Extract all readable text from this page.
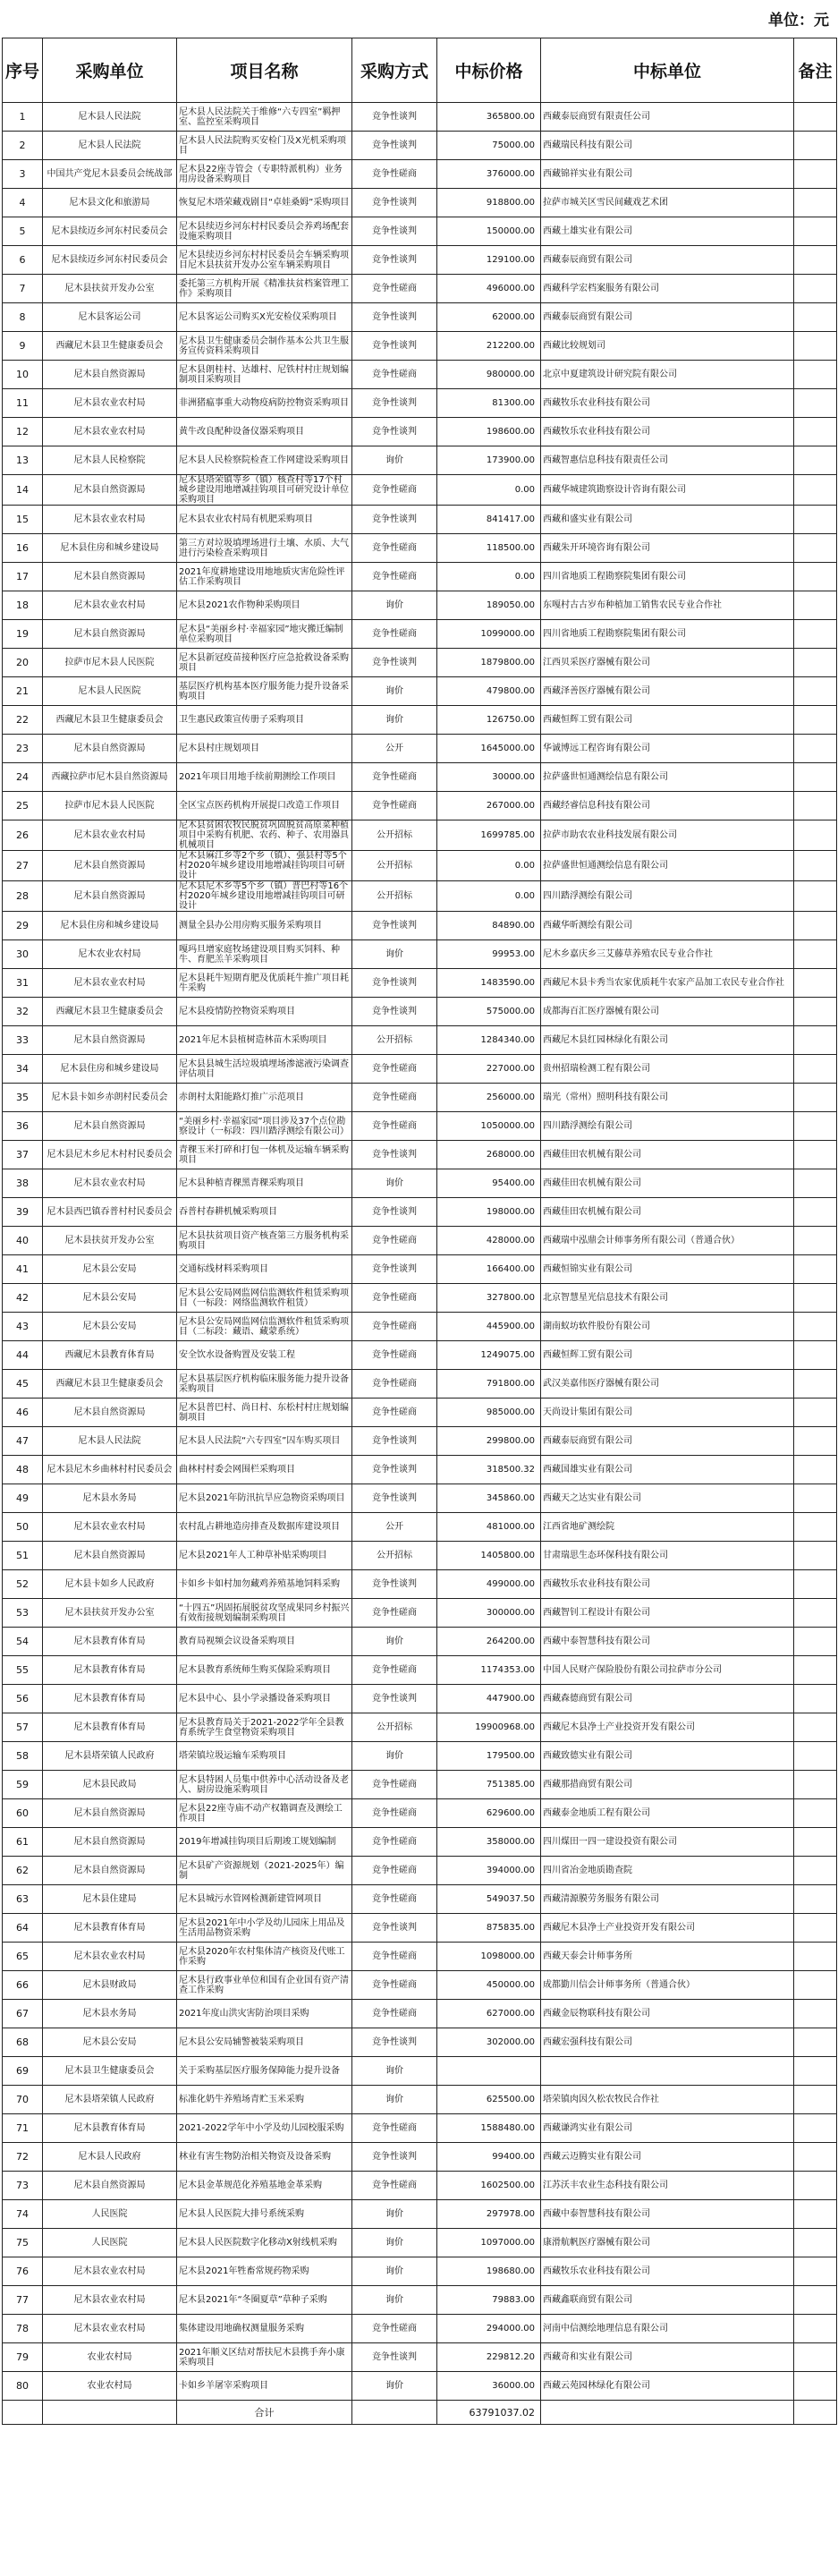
单位：元
序号	采购单位	项目名称	采购方式	中标价格	中标单位	备注
1	尼木县人民法院	尼木县人民法院关于维修“六专四室”羁押室、监控室采购项目	竞争性谈判	365800.00	西藏泰辰商贸有限责任公司	
2	尼木县人民法院	尼木县人民法院购买安检门及X光机采购项目	竞争性谈判	75000.00	西藏瑞民科技有限公司	
3	中国共产党尼木县委员会统战部	尼木县22座寺管会（专职特派机构）业务用房设备采购项目	竞争性磋商	376000.00	西藏锦祥实业有限公司	
4	尼木县文化和旅游局	恢复尼木塔荣藏戏剧目“卓娃桑姆”采购项目	竞争性谈判	918800.00	拉萨市城关区雪民间藏戏艺术团	
5	尼木县续迈乡河东村民委员会	尼木县续迈乡河东村村民委员会养鸡场配套设施采购项目	竞争性谈判	150000.00	西藏土雄实业有限公司	
6	尼木县续迈乡河东村民委员会	尼木县续迈乡河东村村民委员会车辆采购项目尼木县扶贫开发办公室车辆采购项目	竞争性谈判	129100.00	西藏泰辰商贸有限公司	
7	尼木县扶贫开发办公室	委托第三方机构开展《精准扶贫档案管理工作》采购项目	竞争性磋商	496000.00	西藏科学宏档案服务有限公司	
8	尼木县客运公司	尼木县客运公司购买X光安检仪采购项目	竞争性谈判	62000.00	西藏泰辰商贸有限公司	
9	西藏尼木县卫生健康委员会	尼木县卫生健康委员会制作基本公共卫生服务宣传资料采购项目	竞争性谈判	212200.00	西藏比较规划司	
10	尼木县自然资源局	尼木县朗桂村、达雄村、尼铁村村庄规划编制项目采购项目	竞争性磋商	980000.00	北京中夏建筑设计研究院有限公司	
11	尼木县农业农村局	非洲猪瘟事重大动物疫病防控物资采购项目	竞争性谈判	81300.00	西藏牧乐农业科技有限公司	
12	尼木县农业农村局	黄牛改良配种设备仪器采购项目	竞争性谈判	198600.00	西藏牧乐农业科技有限公司	
13	尼木县人民检察院	尼木县人民检察院检查工作网建设采购项目	询价	173900.00	西藏智惠信息科技有限责任公司	
14	尼木县自然资源局	尼木县塔荣镇等乡（镇）核查村等17个村城乡建设用地增减挂钩项目可研究设计单位采购项目	竞争性磋商	0.00	西藏华城建筑勘察设计咨询有限公司	
15	尼木县农业农村局	尼木县农业农村局有机肥采购项目	竞争性谈判	841417.00	西藏和盛实业有限公司	
16	尼木县住房和城乡建设局	第三方对垃圾填埋场进行土壤、水质、大气进行污染检查采购项目	竞争性磋商	118500.00	西藏朱开环境咨询有限公司	
17	尼木县自然资源局	2021年度耕地建设用地地质灾害危险性评估工作采购项目	竞争性磋商	0.00	四川省地质工程勘察院集团有限公司	
18	尼木县农业农村局	尼木县2021农作物种采购项目	询价	189050.00	东嘎村古古岁布种植加工销售农民专业合作社	
19	尼木县自然资源局	尼木县“美丽乡村·幸福家园”地灾搬迁编制单位采购项目	竞争性磋商	1099000.00	四川省地质工程勘察院集团有限公司	
20	拉萨市尼木县人民医院	尼木县新冠疫苗接种医疗应急抢救设备采购项目	竞争性谈判	1879800.00	江西贝采医疗器械有限公司	
21	尼木县人民医院	基层医疗机构基本医疗服务能力提升设备采购项目	询价	479800.00	西藏泽善医疗器械有限公司	
22	西藏尼木县卫生健康委员会	卫生惠民政策宣传册子采购项目	询价	126750.00	西藏恒辉工贸有限公司	
23	尼木县自然资源局	尼木县村庄规划项目	公开	1645000.00	华诚博远工程咨询有限公司	
24	西藏拉萨市尼木县自然资源局	2021年项目用地手续前期测绘工作项目	竞争性磋商	30000.00	拉萨盛世恒通测绘信息有限公司	
25	拉萨市尼木县人民医院	全区宝点医药机构开展提口改造工作项目	竞争性磋商	267000.00	西藏经睿信息科技有限公司	
26	尼木县农业农村局	尼木县贫困农牧民脱贫巩固脱贫高原菜种植项目中采购有机肥、农药、种子、农用器具机械项目	公开招标	1699785.00	拉萨市助农农业科技发展有限公司	
27	尼木县自然资源局	尼木县麻江乡等2个乡（镇）、强县村等5个村2020年城乡建设用地增减挂钩项目可研设计	公开招标	0.00	拉萨盛世恒通测绘信息有限公司	
28	尼木县自然资源局	尼木县尼木乡等5个乡（镇）普巴村等16个村2020年城乡建设用地增减挂钩项目可研设计	公开招标	0.00	四川踏浮测绘有限公司	
29	尼木县住房和城乡建设局	测量全县办公用房购买服务采购项目	竞争性谈判	84890.00	西藏华昕测绘有限公司	
30	尼木农业农村局	嘎玛旦增家庭牧场建设项目购买饲料、种牛、育肥羔羊采购项目	询价	99953.00	尼木乡嘉庆乡三艾藤草养殖农民专业合作社	
31	尼木县农业农村局	尼木县耗牛短期育肥及优质耗牛推广项目耗牛采购	竞争性谈判	1483590.00	西藏尼木县卡秀当农家优质耗牛农家产品加工农民专业合作社	
32	西藏尼木县卫生健康委员会	尼木县疫情防控物资采购项目	竞争性谈判	575000.00	成都海百汇医疗器械有限公司	
33	尼木县自然资源局	2021年尼木县植树造林苗木采购项目	公开招标	1284340.00	西藏尼木县红园林绿化有限公司	
34	尼木县住房和城乡建设局	尼木县县城生活垃圾填埋场渗滤液污染调查评估项目	竞争性磋商	227000.00	贵州招瑞检测工程有限公司	
35	尼木县卡如乡赤朗村民委员会	赤朗村太阳能路灯推广示范项目	竞争性磋商	256000.00	瑞光（常州）照明科技有限公司	
36	尼木县自然资源局	“美丽乡村·幸福家园”项目涉及37个点位勘察设计（一标段：四川踏浮测绘有限公司）	竞争性磋商	1050000.00	四川踏浮测绘有限公司	
37	尼木县尼木乡尼木村村民委员会	青稞玉米打碎和打包一体机及运输车辆采购项目	竞争性谈判	268000.00	西藏佳田农机械有限公司	
38	尼木县农业农村局	尼木县种植青稞黑青稞采购项目	询价	95400.00	西藏佳田农机械有限公司	
39	尼木县西巴镇吞普村村民委员会	吞普村春耕机械采购项目	竞争性谈判	198000.00	西藏佳田农机械有限公司	
40	尼木县扶贫开发办公室	尼木县扶贫项目资产核查第三方服务机构采购项目	竞争性磋商	428000.00	西藏瑞中泓鼎会计师事务所有限公司（普通合伙）	
41	尼木县公安局	交通标线材料采购项目	竞争性谈判	166400.00	西藏恒锦实业有限公司	
42	尼木县公安局	尼木县公安局网监网信监测软件租赁采购项目（一标段：网络监测软件租赁）	竞争性磋商	327800.00	北京智慧星光信息技术有限公司	
43	尼木县公安局	尼木县公安局网监网信监测软件租赁采购项目（二标段：藏语、藏蒙系统）	竞争性磋商	445900.00	湖南蚁坊软件股份有限公司	
44	西藏尼木县教育体育局	安全饮水设备购置及安装工程	竞争性磋商	1249075.00	西藏恒辉工贸有限公司	
45	西藏尼木县卫生健康委员会	尼木县基层医疗机构临床服务能力提升设备采购项目	竞争性磋商	791800.00	武汉美嘉伟医疗器械有限公司	
46	尼木县自然资源局	尼木县普巴村、尚日村、东松村村庄规划编制项目	竞争性磋商	985000.00	天尚设计集团有限公司	
47	尼木县人民法院	尼木县人民法院“六专四室”囚车购买项目	竞争性谈判	299800.00	西藏泰辰商贸有限公司	
48	尼木县尼木乡曲林村村民委员会	曲林村村委会网围栏采购项目	竞争性谈判	318500.32	西藏国雄实业有限公司	
49	尼木县水务局	尼木县2021年防汛抗旱应急物资采购项目	竞争性谈判	345860.00	西藏天之达实业有限公司	
50	尼木县农业农村局	农村乱占耕地造房排查及数据库建设项目	公开	481000.00	江西省地矿测绘院	
51	尼木县自然资源局	尼木县2021年人工种草补贴采购项目	公开招标	1405800.00	甘肃瑞思生态环保科技有限公司	
52	尼木县卡如乡人民政府	卡如乡卡如村加勿藏鸡养殖基地饲料采购	竞争性谈判	499000.00	西藏牧乐农业科技有限公司	
53	尼木县扶贫开发办公室	“十四五”巩固拓展脱贫攻坚成果同乡村振兴有效衔接规划编制采购项目	竞争性磋商	300000.00	西藏智钊工程设计有限公司	
54	尼木县教育体育局	教育局视频会议设备采购项目	询价	264200.00	西藏中泰智慧科技有限公司	
55	尼木县教育体育局	尼木县教育系统师生购买保险采购项目	竞争性磋商	1174353.00	中国人民财产保险股份有限公司拉萨市分公司	
56	尼木县教育体育局	尼木县中心、县小学录播设备采购项目	竞争性谈判	447900.00	西藏森德商贸有限公司	
57	尼木县教育体育局	尼木县教育局关于2021-2022学年全县教育系统学生食堂物资采购项目	公开招标	19900968.00	西藏尼木县净土产业投资开发有限公司	
58	尼木县塔荣镇人民政府	塔荣镇垃圾运输车采购项目	询价	179500.00	西藏致德实业有限公司	
59	尼木县民政局	尼木县特困人员集中供养中心活动设备及老人、厨房设施采购项目	竞争性磋商	751385.00	西藏那措商贸有限公司	
60	尼木县自然资源局	尼木县22座寺庙不动产权籍调查及测绘工作项目	竞争性磋商	629600.00	西藏泰金地质工程有限公司	
61	尼木县自然资源局	2019年增减挂钩项目后期竣工规划编制	竞争性磋商	358000.00	四川煤田一四一建设投资有限公司	
62	尼木县自然资源局	尼木县矿产资源规划（2021-2025年）编制	竞争性磋商	394000.00	四川省冶金地质勘查院	
63	尼木县住建局	尼木县城污水管网检测新建管网项目	竞争性磋商	549037.50	西藏清源膜劳务服务有限公司	
64	尼木县教育体育局	尼木县2021年中小学及幼儿园床上用品及生活用品物资采购	竞争性谈判	875835.00	西藏尼木县净土产业投资开发有限公司	
65	尼木县农业农村局	尼木县2020年农村集体清产核资及代账工作采购	竞争性磋商	1098000.00	西藏天泰会计师事务所	
66	尼木县财政局	尼木县行政事业单位和国有企业国有资产清查工作采购	竞争性磋商	450000.00	成都勤川信会计师事务所（普通合伙）	
67	尼木县水务局	2021年度山洪灾害防治项目采购	竞争性磋商	627000.00	西藏金辰物联科技有限公司	
68	尼木县公安局	尼木县公安局辅警被装采购项目	竞争性谈判	302000.00	西藏宏强科技有限公司	
69	尼木县卫生健康委员会	关于采购基层医疗服务保障能力提升设备	询价			
70	尼木县塔荣镇人民政府	标准化奶牛养殖场青贮玉米采购	询价	625500.00	塔荣镇肉因久松农牧民合作社	
71	尼木县教育体育局	2021-2022学年中小学及幼儿园校服采购	竞争性磋商	1588480.00	西藏谦鸿实业有限公司	
72	尼木县人民政府	林业有害生物防治相关物资及设备采购	竞争性谈判	99400.00	西藏云迈腾实业有限公司	
73	尼木县自然资源局	尼木县金革规范化养殖基地金革采购	竞争性磋商	1602500.00	江苏沃丰农业生态科技有限公司	
74	人民医院	尼木县人民医院大排号系统采购	询价	297978.00	西藏中泰智慧科技有限公司	
75	人民医院	尼木县人民医院数字化移动X射线机采购	询价	1097000.00	康滑航帆医疗器械有限公司	
76	尼木县农业农村局	尼木县2021年牲畜常规药物采购	询价	198680.00	西藏牧乐农业科技有限公司	
77	尼木县农业农村局	尼木县2021年“冬圈夏草”草种子采购	询价	79883.00	西藏鑫联商贸有限公司	
78	尼木县农业农村局	集体建设用地确权测量服务采购	竞争性磋商	294000.00	河南中信测绘地理信息有限公司	
79	农业农村局	2021年顺义区结对帮扶尼木县携手奔小康采购项目	竞争性谈判	229812.20	西藏奇和实业有限公司	
80	农业农村局	卡如乡羊屠宰采购项目	询价	36000.00	西藏云苑园林绿化有限公司	
		合计		63791037.02		
